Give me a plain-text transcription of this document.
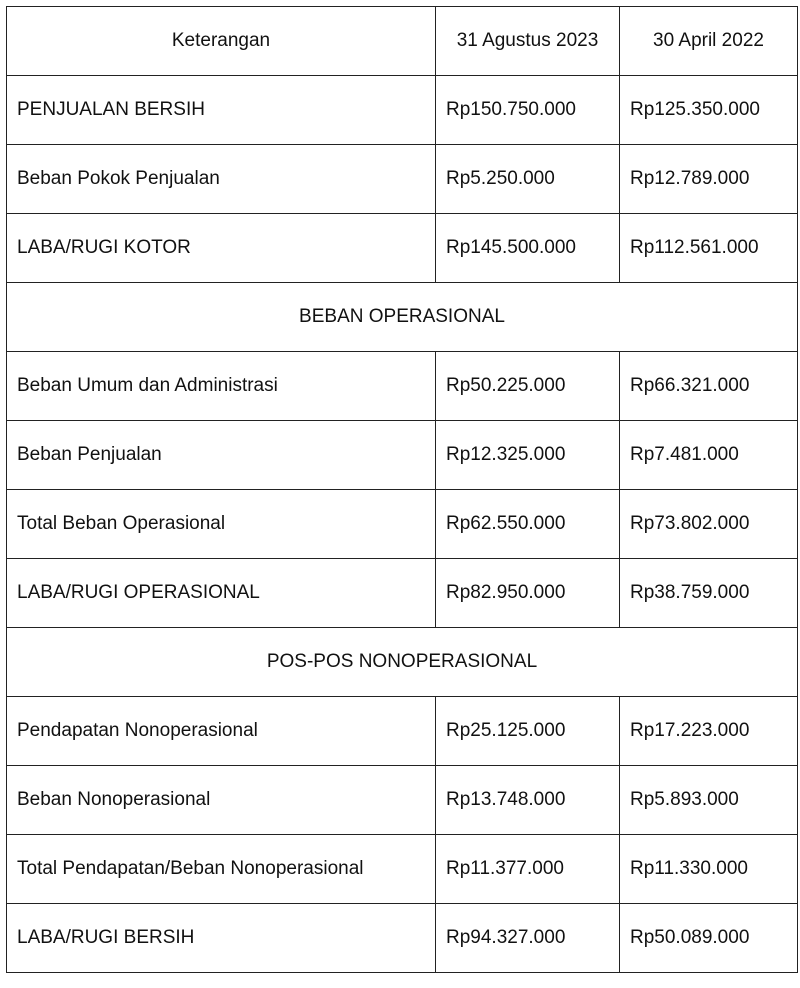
Keterangan	31 Agustus 2023	30 April 2022
PENJUALAN BERSIH	Rp150.750.000	Rp125.350.000
Beban Pokok Penjualan	Rp5.250.000	Rp12.789.000
LABA/RUGI KOTOR	Rp145.500.000	Rp112.561.000
BEBAN OPERASIONAL		
Beban Umum dan Administrasi	Rp50.225.000	Rp66.321.000
Beban Penjualan	Rp12.325.000	Rp7.481.000
Total Beban Operasional	Rp62.550.000	Rp73.802.000
LABA/RUGI OPERASIONAL	Rp82.950.000	Rp38.759.000
POS-POS NONOPERASIONAL		
Pendapatan Nonoperasional	Rp25.125.000	Rp17.223.000
Beban Nonoperasional	Rp13.748.000	Rp5.893.000
Total Pendapatan/Beban Nonoperasional	Rp11.377.000	Rp11.330.000
LABA/RUGI BERSIH	Rp94.327.000	Rp50.089.000
